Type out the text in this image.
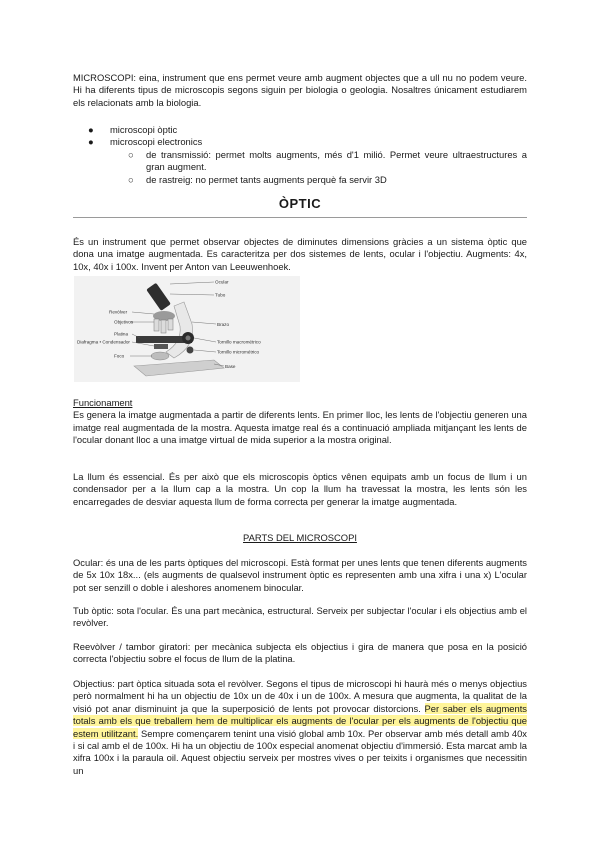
MICROSCOPI: eina, instrument que ens permet veure amb augment objectes que a ull nu no podem veure. Hi ha diferents tipus de microscopis segons siguin per biologia o geologia. Nosaltres únicament estudiarem els relacionats amb la biologia.

● microscopi òptic
● microscopi electronics
○ de transmissió: permet molts augments, més d'1 milió. Permet veure ultraestructures a gran augment.
○ de rastreig: no permet tants augments perquè fa servir 3D
ÒPTIC

És un instrument que permet observar objectes de diminutes dimensions gràcies a un sistema òptic que dona una imatge augmentada. Es caracteritza per dos sistemes de lents, ocular i l'objectiu. Augments: 4x, 10x, 40x i 100x. Invent per Anton van Leeuwenhoek.

Ocular
Tubo
Revólver
Objetivos	Brazo
Platina
Diafragma • Condensador	Tornillo macrométrico
Tornillo micrométrico
Foco
Base
Funcionament

Es genera la imatge augmentada a partir de diferents lents. En primer lloc, les lents de l'objectiu generen una imatge real augmentada de la mostra. Aquesta imatge real és a continuació ampliada mitjançant les lents de l'ocular donant lloc a una imatge virtual de mida superior a la mostra original.

La llum és essencial. És per això que els microscopis òptics vênen equipats amb un focus de llum i un condensador per a la llum cap a la mostra. Un cop la llum ha travessat la mostra, les lents són les encarregades de desviar aquesta llum de forma correcta per generar la imatge augmentada.

PARTS DEL MICROSCOPI

Ocular: és una de les parts òptiques del microscopi. Està format per unes lents que tenen diferents augments de 5x 10x 18x... (els augments de qualsevol instrument òptic es representen amb una xifra i una x) L'ocular pot ser senzill o doble i aleshores anomenem binocular.

Tub òptic: sota l'ocular. És una part mecànica, estructural. Serveix per subjectar l'ocular i els objectius amb el revòlver.

Reevòlver / tambor giratori: per mecànica subjecta els objectius i gira de manera que posa en la posició correcta l'objectiu sobre el focus de llum de la platina.

Objectius: part òptica situada sota el revòlver. Segons el tipus de microscopi hi haurà més o menys objectius però normalment hi ha un objectiu de 10x un de 40x i un de 100x. A mesura que augmenta, la qualitat de la visió pot anar disminuint ja que la superposició de lents pot provocar distorcions. Per saber els augments totals amb els que treballem hem de multiplicar els augments de l'ocular per els augments de l'objectiu que estem utilitzant. Sempre començarem tenint una visió global amb 10x. Per observar amb més detall amb 40x i si cal amb el de 100x. Hi ha un objectiu de 100x especial anomenat objectiu d'immersió. Esta marcat amb la xifra 100x i la paraula oil. Aquest objectiu serveix per mostres vives o per teixits i organismes que necessitin un
